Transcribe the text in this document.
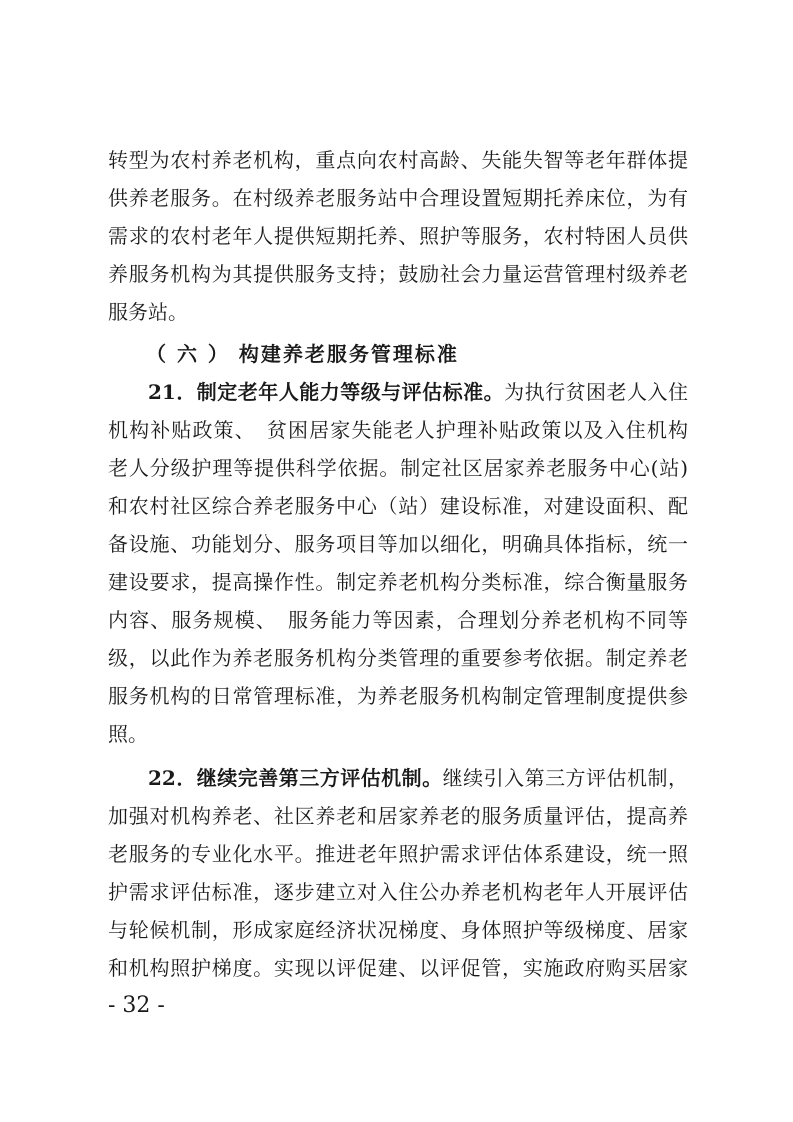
转型为农村养老机构，重点向农村高龄、失能失智等老年群体提
供养老服务。在村级养老服务站中合理设置短期托养床位，为有
需求的农村老年人提供短期托养、照护等服务，农村特困人员供
养服务机构为其提供服务支持；鼓励社会力量运营管理村级养老
服务站。
（ 六 ） 构建养老服务管理标准
21．制定老年人能力等级与评估标准。为执行贫困老人入住
机构补贴政策、　贫困居家失能老人护理补贴政策以及入住机构
老人分级护理等提供科学依据。制定社区居家养老服务中心(站)
和农村社区综合养老服务中心（站）建设标准，对建设面积、配
备设施、功能划分、服务项目等加以细化，明确具体指标，统一
建设要求，提高操作性。制定养老机构分类标准，综合衡量服务
内容、服务规模、　服务能力等因素，合理划分养老机构不同等
级，以此作为养老服务机构分类管理的重要参考依据。制定养老
服务机构的日常管理标准，为养老服务机构制定管理制度提供参
照。
22．继续完善第三方评估机制。继续引入第三方评估机制，
加强对机构养老、社区养老和居家养老的服务质量评估，提高养
老服务的专业化水平。推进老年照护需求评估体系建设，统一照
护需求评估标准，逐步建立对入住公办养老机构老年人开展评估
与轮候机制，形成家庭经济状况梯度、身体照护等级梯度、居家
和机构照护梯度。实现以评促建、以评促管，实施政府购买居家
- 32 -
